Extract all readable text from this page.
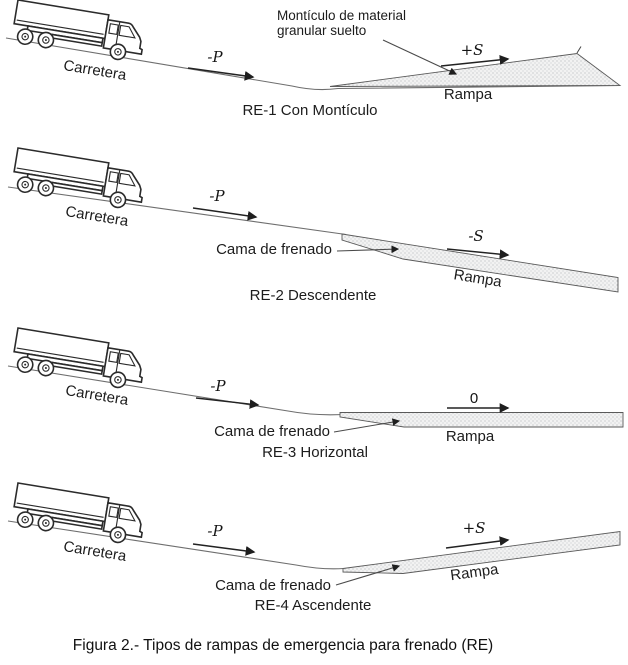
Carretera	-P
Montículo de material
granular suelto
+S
Rampa
RE-1 Con Montículo
Carretera
-P
Cama de frenado
-S
Rampa
RE-2 Descendente
Carretera	-P
0
Cama de frenado	Rampa
RE-3 Horizontal
Carretera
-P	+S
Rampa
Cama de frenado
RE-4 Ascendente
Figura 2.- Tipos de rampas de emergencia para frenado (RE)
